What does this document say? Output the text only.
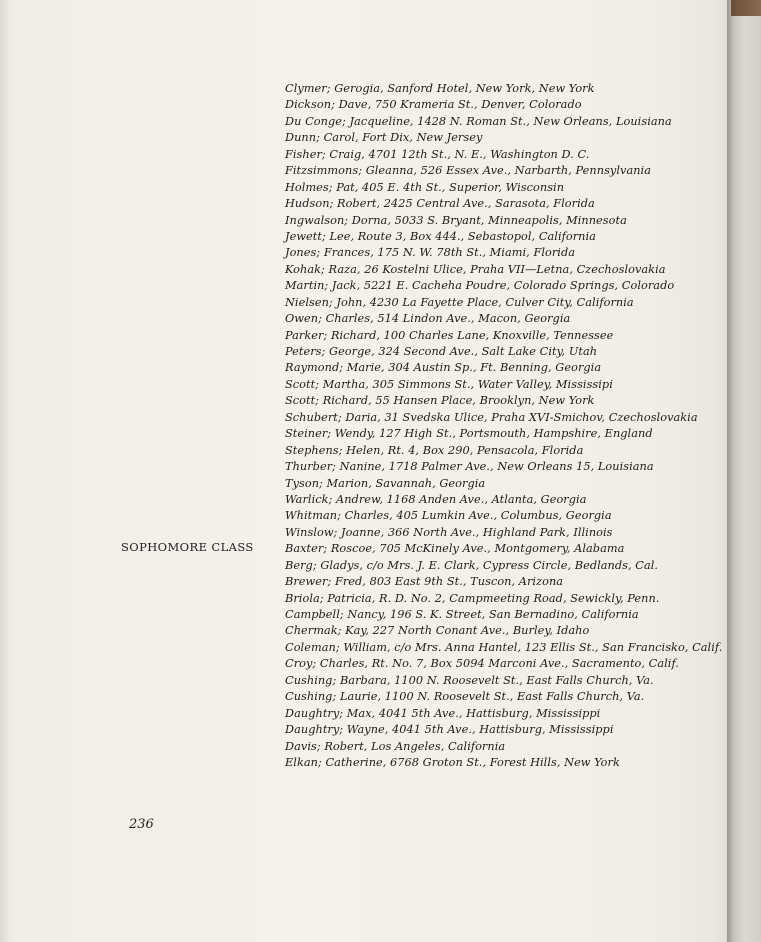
Clymer; Gerogia, Sanford Hotel, New York, New York
Dickson; Dave, 750 Krameria St., Denver, Colorado
Du Conge; Jacqueline, 1428 N. Roman St., New Orleans, Louisiana
Dunn; Carol, Fort Dix, New Jersey
Fisher; Craig, 4701 12th St., N. E., Washington D. C.
Fitzsimmons; Gleanna, 526 Essex Ave., Narbarth, Pennsylvania
Holmes; Pat, 405 E. 4th St., Superior, Wisconsin
Hudson; Robert, 2425 Central Ave., Sarasota, Florida
Ingwalson; Dorna, 5033 S. Bryant, Minneapolis, Minnesota
Jewett; Lee, Route 3, Box 444., Sebastopol, California
Jones; Frances, 175 N. W. 78th St., Miami, Florida
Kohak; Raza, 26 Kostelni Ulice, Praha VII—Letna, Czechoslovakia
Martin; Jack, 5221 E. Cacheha Poudre, Colorado Springs, Colorado
Nielsen; John, 4230 La Fayette Place, Culver City, California
Owen; Charles, 514 Lindon Ave., Macon, Georgia
Parker; Richard, 100 Charles Lane, Knoxville, Tennessee
Peters; George, 324 Second Ave., Salt Lake City, Utah
Raymond; Marie, 304 Austin Sp., Ft. Benning, Georgia
Scott; Martha, 305 Simmons St., Water Valley, Mississipi
Scott; Richard, 55 Hansen Place, Brooklyn, New York
Schubert; Daria, 31 Svedska Ulice, Praha XVI-Smichov, Czechoslovakia
Steiner; Wendy, 127 High St., Portsmouth, Hampshire, England
Stephens; Helen, Rt. 4, Box 290, Pensacola, Florida
Thurber; Nanine, 1718 Palmer Ave., New Orleans 15, Louisiana
Tyson; Marion, Savannah, Georgia
Warlick; Andrew, 1168 Anden Ave., Atlanta, Georgia
Whitman; Charles, 405 Lumkin Ave., Columbus, Georgia
Winslow; Joanne, 366 North Ave., Highland Park, Illinois
Baxter; Roscoe, 705 McKinely Ave., Montgomery, Alabama
Berg; Gladys, c/o Mrs. J. E. Clark, Cypress Circle, Bedlands, Cal.
Brewer; Fred, 803 East 9th St., Tuscon, Arizona
Briola; Patricia, R. D. No. 2, Campmeeting Road, Sewickly, Penn.
Campbell; Nancy, 196 S. K. Street, San Bernadino, California
Chermak; Kay, 227 North Conant Ave., Burley, Idaho
Coleman; William, c/o Mrs. Anna Hantel, 123 Ellis St., San Francisko, Calif.
Croy; Charles, Rt. No. 7, Box 5094 Marconi Ave., Sacramento, Calif.
Cushing; Barbara, 1100 N. Roosevelt St., East Falls Church, Va.
Cushing; Laurie, 1100 N. Roosevelt St., East Falls Church, Va.
Daughtry; Max, 4041 5th Ave., Hattisburg, Mississippi
Daughtry; Wayne, 4041 5th Ave., Hattisburg, Mississippi
Davis; Robert, Los Angeles, California
Elkan; Catherine, 6768 Groton St., Forest Hills, New York
SOPHOMORE CLASS
236
